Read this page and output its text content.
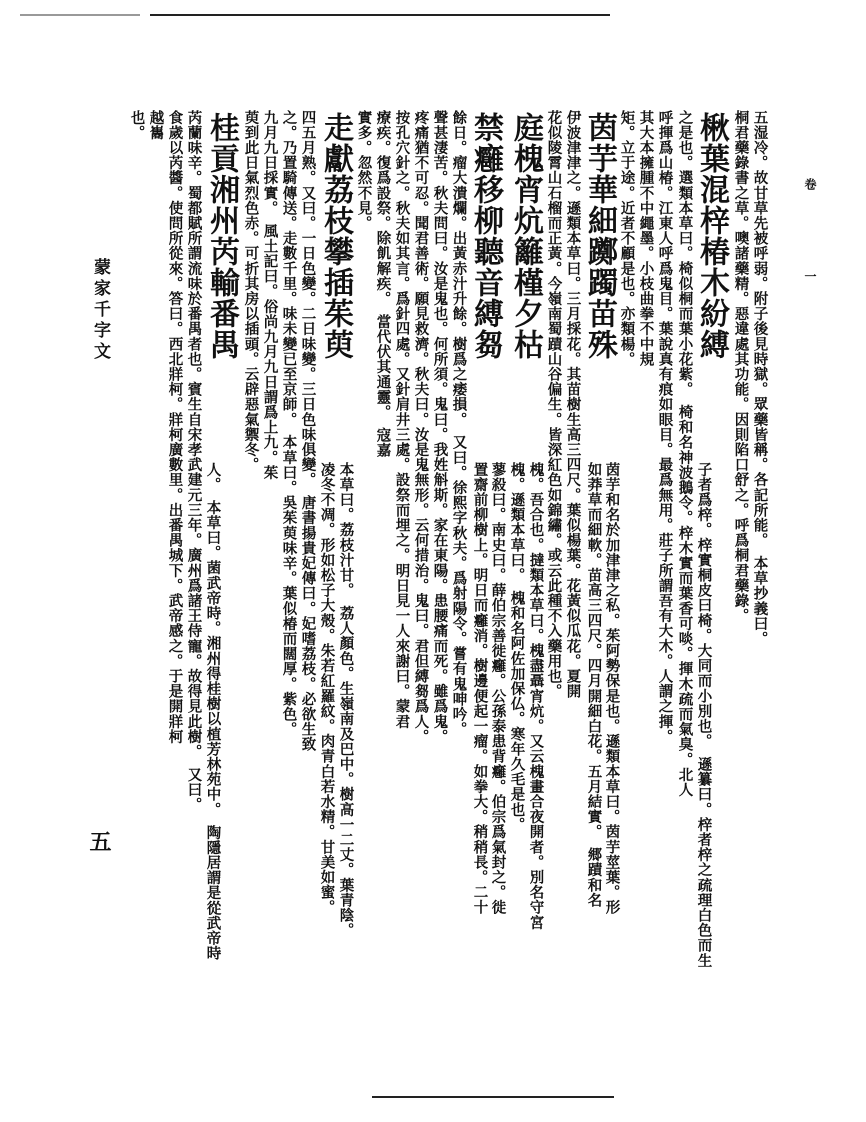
卷
一
五湿冷。故甘草先被呼弱。附子後見時獄。眾藥皆稱。各記所能。　本草抄義曰。
桐君藥錄書之草。噢諸藥精。惡違處其功能。因則陷口舒之。呼爲桐君藥錄。
楸葉混梓椿木紛縛
子者爲梓。梓實桐皮曰椅。大同而小別也。　遜纂曰。梓者梓之疏理白色而生
之是也。選類本草曰。椅似桐而葉小花紫。　椅和名神波鵝令。梓木實而葉香可啖。揮木疏而氣臭。北人
呼揮爲山椿。江東人呼爲鬼目。葉說真有痕如眼目。最爲無用。莊子所謂吾有大木。人謂之揮。
其大本擁腫不中繩墨。小枝曲拳不中規
矩。立于途。近者不顧是也。亦類楊。
茵芋華細躑躅苗殊
茵芋和名於加津津之私。茱阿勢保是也。遜類本草曰。茵芋莖葉。形
如莽草而細軟。苗高三四尺。四月開細白花。五月結實。　郷蹟和名
伊波津津之。遜類本草曰。三月採花。其苗樹生高三四尺。葉似楊葉。花黃似瓜花。夏開
花似陵霄山石榴而正黃。今嶺南蜀蹟山谷偏生。皆深紅色如錦繡。或云此種不入藥用也。
庭槐宵炕籬槿夕枯
槐。吾合也。撻類本草曰。槐盡聶宵炕。又云槐畫合夜開者。別名守宮
槐。遜類本草曰。　槐和名阿佐加保仏。寒年久毛是也。
禁癰移柳聽音縛芻
蓼殺曰。南史曰。薛伯宗善徙癰。公孫泰患背癰。伯宗爲氣封之。徙
置齋前柳樹上。明日而癰消。樹邊便起一瘤。如拳大。稍稍長。二十
餘日。瘤大潰爛。出黃赤汁升餘。樹爲之痿損。　又曰。徐熙字秋夫。爲射陽令。嘗有鬼呻吟。
聲甚淒苦。秋夫問曰。汝是鬼也。何所須。鬼曰。我姓斛斯。家在東陽。患腰痛而死。雖爲鬼。
疼痛猶不可忍。聞君善術。願見救濟。秋夫曰。汝是鬼無形。云何措治。鬼曰。君但縛芻爲人。
按孔穴針之。秋夫如其言。爲針四處。又針肩井三處。設祭而埋之。明日見一人來謝曰。蒙君
療疾。復爲設祭。除飢解疾。　當代伏其通靈。　寇嘉
實多。忽然不見。
走獻荔枝攀插茱萸
本草曰。荔枝汁甘。　荔人顏色。生嶺南及巴中。樹高一二丈。葉青陰。
凌冬不凋。形如松子大殼。朱若紅羅紋。肉青白若水精。甘美如蜜。
四五月熟。又曰。一日色變。二日味變。三日色味俱變。　唐書揚貴妃傳曰。妃嗜荔枝。必欲生致
之。乃置騎傳送。走數千里。味未變已至京師。　本草曰。吳茱萸味辛。葉似椿而闊厚。紫色。
九月九日採實。　風土記曰。俗尚九月九日謂爲上九。茱
萸到此日氣烈色赤。可折其房以插頭。云辟惡氣禦冬。
桂貢湘州芮輸番禺
人。　本草曰。菌武帝時。湘州得桂樹以植芳林苑中。　陶隱居謂是從武帝時
芮蘭味辛。蜀都賦所謂流味於番禺者也。賓生自宋孝武建元三年。廣州爲諸王侍寵。故得見此樹。　又曰。
食歲以芮醬。使問所從來。答曰。西北牂柯。牂柯廣數里。出番禺城下。武帝感之。于是開牂柯
越巂
也。
蒙家千字文
五
